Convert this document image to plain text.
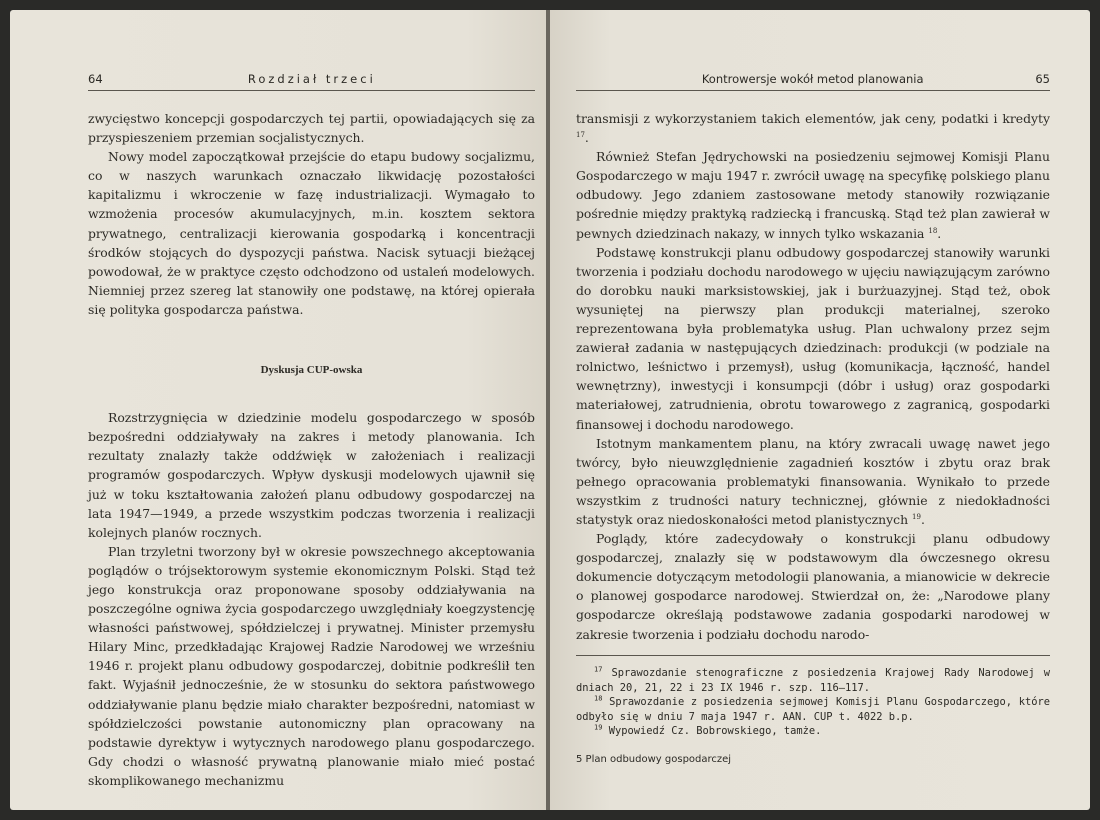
64	Rozdział trzeci

zwycięstwo koncepcji gospodarczych tej partii, opowiadających się za przyspieszeniem przemian socjalistycznych.

Nowy model zapoczątkował przejście do etapu budowy socjalizmu, co w naszych warunkach oznaczało likwidację pozostałości kapitalizmu i wkroczenie w fazę industrializacji. Wymagało to wzmożenia procesów akumulacyjnych, m.in. kosztem sektora prywatnego, centralizacji kierowania gospodarką i koncentracji środków stojących do dyspozycji państwa. Nacisk sytuacji bieżącej powodował, że w praktyce często odchodzono od ustaleń modelowych. Niemniej przez szereg lat stanowiły one podstawę, na której opierała się polityka gospodarcza państwa.

Dyskusja CUP-owska

Rozstrzygnięcia w dziedzinie modelu gospodarczego w sposób bezpośredni oddziaływały na zakres i metody planowania. Ich rezultaty znalazły także oddźwięk w założeniach i realizacji programów gospodarczych. Wpływ dyskusji modelowych ujawnił się już w toku kształtowania założeń planu odbudowy gospodarczej na lata 1947—1949, a przede wszystkim podczas tworzenia i realizacji kolejnych planów rocznych.

Plan trzyletni tworzony był w okresie powszechnego akceptowania poglądów o trójsektorowym systemie ekonomicznym Polski. Stąd też jego konstrukcja oraz proponowane sposoby oddziaływania na poszczególne ogniwa życia gospodarczego uwzględniały koegzystencję własności państwowej, spółdzielczej i prywatnej. Minister przemysłu Hilary Minc, przedkładając Krajowej Radzie Narodowej we wrześniu 1946 r. projekt planu odbudowy gospodarczej, dobitnie podkreślił ten fakt. Wyjaśnił jednocześnie, że w stosunku do sektora państwowego oddziaływanie planu będzie miało charakter bezpośredni, natomiast w spółdzielczości powstanie autonomiczny plan opracowany na podstawie dyrektyw i wytycznych narodowego planu gospodarczego. Gdy chodzi o własność prywatną planowanie miało mieć postać skomplikowanego mechanizmu

Kontrowersje wokół metod planowania	65

transmisji z wykorzystaniem takich elementów, jak ceny, podatki i kredyty $^{17}$.

Również Stefan Jędrychowski na posiedzeniu sejmowej Komisji Planu Gospodarczego w maju 1947 r. zwrócił uwagę na specyfikę polskiego planu odbudowy. Jego zdaniem zastosowane metody stanowiły rozwiązanie pośrednie między praktyką radziecką i francuską. Stąd też plan zawierał w pewnych dziedzinach nakazy, w innych tylko wskazania $^{18}$.

Podstawę konstrukcji planu odbudowy gospodarczej stanowiły warunki tworzenia i podziału dochodu narodowego w ujęciu nawiązującym zarówno do dorobku nauki marksistowskiej, jak i burżuazyjnej. Stąd też, obok wysuniętej na pierwszy plan produkcji materialnej, szeroko reprezentowana była problematyka usług. Plan uchwalony przez sejm zawierał zadania w następujących dziedzinach: produkcji (w podziale na rolnictwo, leśnictwo i przemysł), usług (komunikacja, łączność, handel wewnętrzny), inwestycji i konsumpcji (dóbr i usług) oraz gospodarki materiałowej, zatrudnienia, obrotu towarowego z zagranicą, gospodarki finansowej i dochodu narodowego.

Istotnym mankamentem planu, na który zwracali uwagę nawet jego twórcy, było nieuwzględnienie zagadnień kosztów i zbytu oraz brak pełnego opracowania problematyki finansowania. Wynikało to przede wszystkim z trudności natury technicznej, głównie z niedokładności statystyk oraz niedoskonałości metod planistycznych $^{19}$.

Poglądy, które zadecydowały o konstrukcji planu odbudowy gospodarczej, znalazły się w podstawowym dla ówczesnego okresu dokumencie dotyczącym metodologii planowania, a mianowicie w dekrecie o planowej gospodarce narodowej. Stwierdzał on, że: „Narodowe plany gospodarcze określają podstawowe zadania gospodarki narodowej w zakresie tworzenia i podziału dochodu narodo-

$^{17}$ Sprawozdanie stenograficzne z posiedzenia Krajowej Rady Narodowej w dniach 20, 21, 22 i 23 IX 1946 r. szp. 116—117.

$^{18}$ Sprawozdanie z posiedzenia sejmowej Komisji Planu Gospodarczego, które odbyło się w dniu 7 maja 1947 r. AAN. CUP t. 4022 b.p.

$^{19}$ Wypowiedź Cz. Bobrowskiego, tamże.

5 Plan odbudowy gospodarczej
